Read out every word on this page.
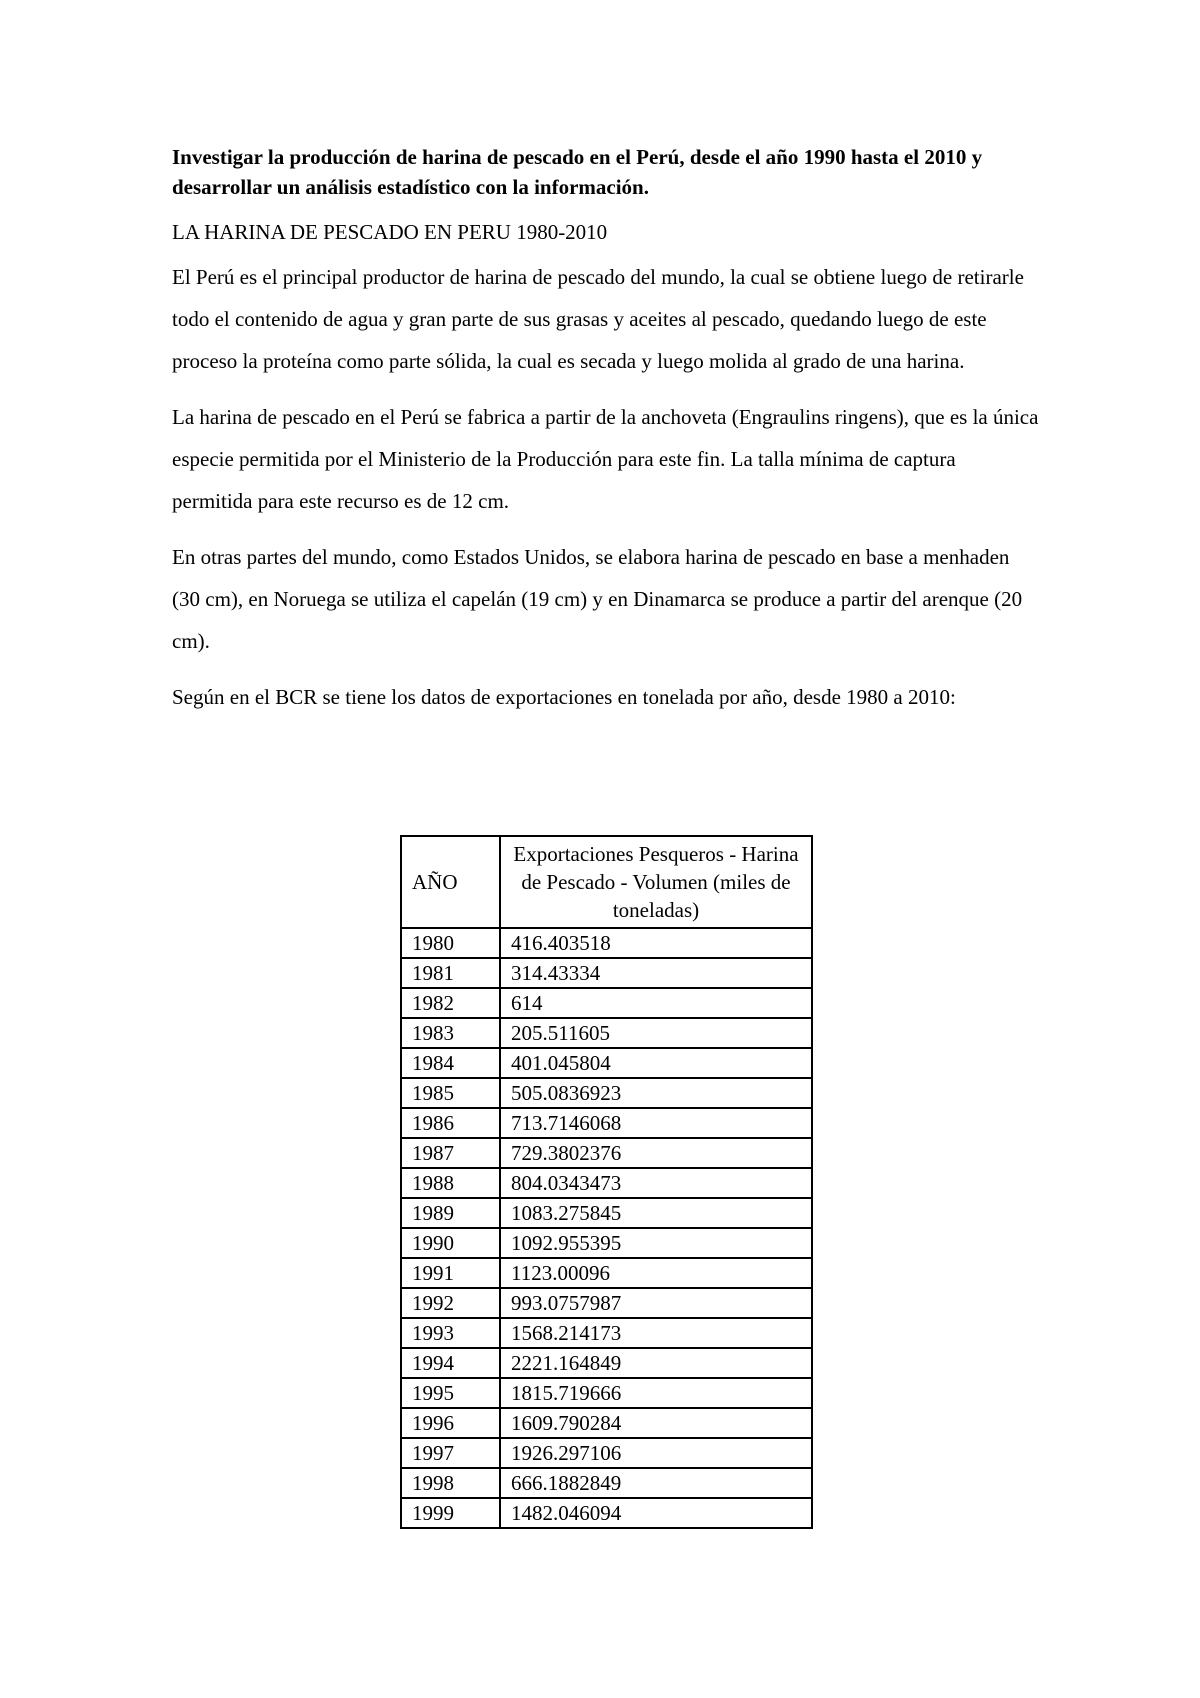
Investigar la producción de harina de pescado en el Perú, desde el año 1990 hasta el 2010 y desarrollar un análisis estadístico con la información.

LA HARINA DE PESCADO EN PERU 1980-2010

El Perú es el principal productor de harina de pescado del mundo, la cual se obtiene luego de retirarle todo el contenido de agua y gran parte de sus grasas y aceites al pescado, quedando luego de este proceso la proteína como parte sólida, la cual es secada y luego molida al grado de una harina.

La harina de pescado en el Perú se fabrica a partir de la anchoveta (Engraulins ringens), que es la única especie permitida por el Ministerio de la Producción para este fin. La talla mínima de captura permitida para este recurso es de 12 cm.

En otras partes del mundo, como Estados Unidos, se elabora harina de pescado en base a menhaden (30 cm), en Noruega se utiliza el capelán (19 cm) y en Dinamarca se produce a partir del arenque (20 cm).

Según en el BCR se tiene los datos de exportaciones en tonelada por año, desde 1980 a 2010:

AÑO	Exportaciones Pesqueros - Harina de Pescado - Volumen (miles de toneladas)
1980	416.403518
1981	314.43334
1982	614
1983	205.511605
1984	401.045804
1985	505.0836923
1986	713.7146068
1987	729.3802376
1988	804.0343473
1989	1083.275845
1990	1092.955395
1991	1123.00096
1992	993.0757987
1993	1568.214173
1994	2221.164849
1995	1815.719666
1996	1609.790284
1997	1926.297106
1998	666.1882849
1999	1482.046094
